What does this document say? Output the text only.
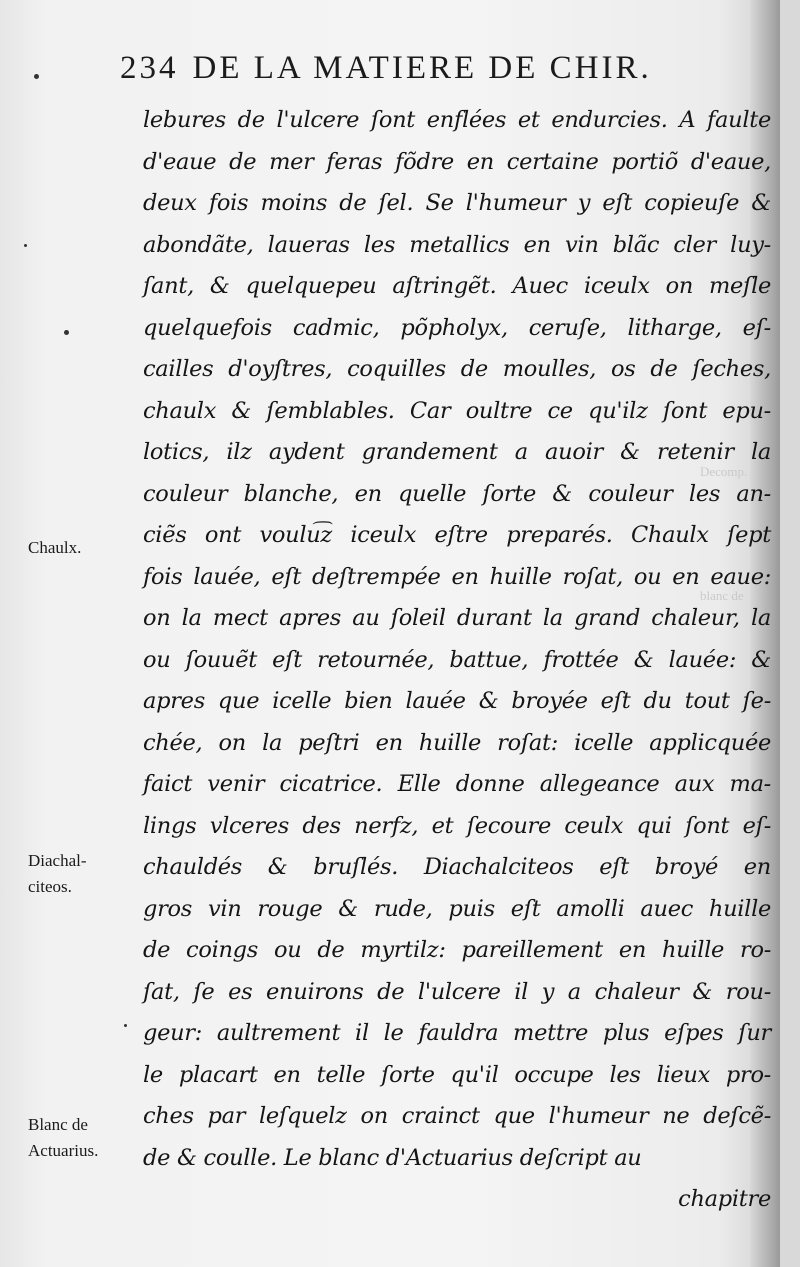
234 DE LA MATIERE DE CHIR.
Decomp.
blanc de
lebures de l'ulcere ſont enflées et endurcies. A faulte
d'eaue de mer feras fõdre en certaine portiõ d'eaue,
deux fois moins de ſel. Se l'humeur y eſt copieuſe &
abondãte, laueras les metallics en vin blãc cler luy-
ſant, & quelquepeu aſtringẽt. Auec iceulx on meſle
quelquefois cadmic, põpholyx, ceruſe, litharge, eſ-
cailles d'oyſtres, coquilles de moulles, os de ſeches,
chaulx & ſemblables. Car oultre ce qu'ilz ſont epu-
lotics, ilz aydent grandement a auoir & retenir la
couleur blanche, en quelle ſorte & couleur les an-
ciẽs ont voulu͡z iceulx eſtre preparés. Chaulx ſept
fois lauée, eſt deſtrempée en huille roſat, ou en eaue:
on la mect apres au ſoleil durant la grand chaleur, la
ou ſouuẽt eſt retournée, battue, frottée & lauée: &
apres que icelle bien lauée & broyée eſt du tout ſe-
chée, on la peſtri en huille roſat: icelle applicquée
faict venir cicatrice. Elle donne allegeance aux ma-
lings vlceres des nerfz, et ſecoure ceulx qui ſont eſ-
chauldés & bruſlés. Diachalciteos eſt broyé en
gros vin rouge & rude, puis eſt amolli auec huille
de coings ou de myrtilz: pareillement en huille ro-
ſat, ſe es enuirons de l'ulcere il y a chaleur & rou-
geur: aultrement il le fauldra mettre plus eſpes ſur
le placart en telle ſorte qu'il occupe les lieux pro-
ches par leſquelz on crainct que l'humeur ne deſcẽ-
de & coulle. Le blanc d'Actuarius deſcript au
chapitre
Chaulx.
Diachal-
citeos.
Blanc de
Actuarius.
